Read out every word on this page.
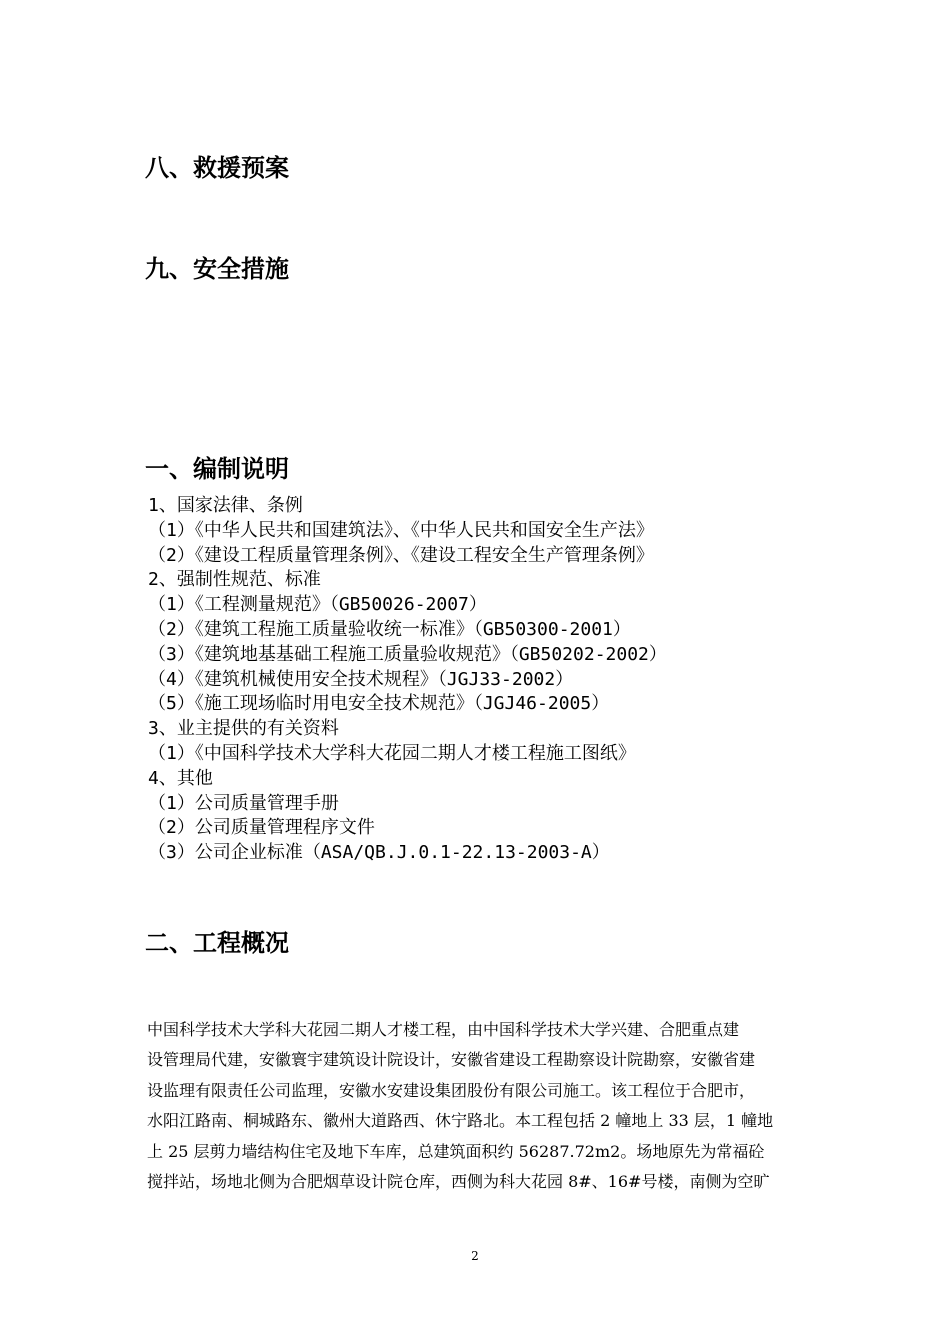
八、救援预案
九、安全措施
一、编制说明
1、国家法律、条例
（1）《中华人民共和国建筑法》、《中华人民共和国安全生产法》
（2）《建设工程质量管理条例》、《建设工程安全生产管理条例》
2、强制性规范、标准
（1）《工程测量规范》（GB50026-2007）
（2）《建筑工程施工质量验收统一标准》（GB50300-2001）
（3）《建筑地基基础工程施工质量验收规范》（GB50202-2002）
（4）《建筑机械使用安全技术规程》（JGJ33-2002）
（5）《施工现场临时用电安全技术规范》（JGJ46-2005）
3、业主提供的有关资料
（1）《中国科学技术大学科大花园二期人才楼工程施工图纸》
4、其他
（1）公司质量管理手册
（2）公司质量管理程序文件
（3）公司企业标准（ASA/QB.J.0.1-22.13-2003-A）
二、工程概况

中国科学技术大学科大花园二期人才楼工程，由中国科学技术大学兴建、合肥重点建
设管理局代建，安徽寰宇建筑设计院设计，安徽省建设工程勘察设计院勘察，安徽省建
设监理有限责任公司监理，安徽水安建设集团股份有限公司施工。该工程位于合肥市，
水阳江路南、桐城路东、徽州大道路西、休宁路北。本工程包括 2 幢地上 33 层，1 幢地
上 25 层剪力墙结构住宅及地下车库，总建筑面积约 56287.72m2。场地原先为常福砼
搅拌站，场地北侧为合肥烟草设计院仓库，西侧为科大花园 8#、16#号楼，南侧为空旷

2
